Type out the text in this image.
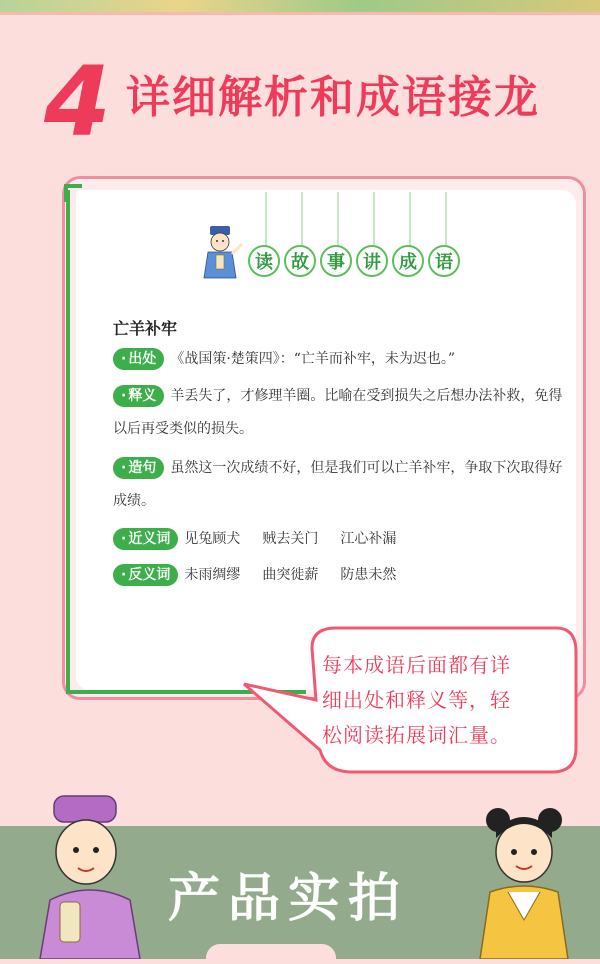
4 详细解析和成语接龙
读	故	事	讲	成	语
亡羊补牢
· 出处 《战国策·楚策四》：“亡羊而补牢，未为迟也。”
· 释义 羊丢失了，才修理羊圈。比喻在受到损失之后想办法补救，免得以后再受类似的损失。
· 造句 虽然这一次成绩不好，但是我们可以亡羊补牢，争取下次取得好成绩。
· 近义词 见兔顾犬 贼去关门 江心补漏
· 反义词 未雨绸缪 曲突徙薪 防患未然
每本成语后面都有详
细出处和释义等，轻
松阅读拓展词汇量。
产品实拍
